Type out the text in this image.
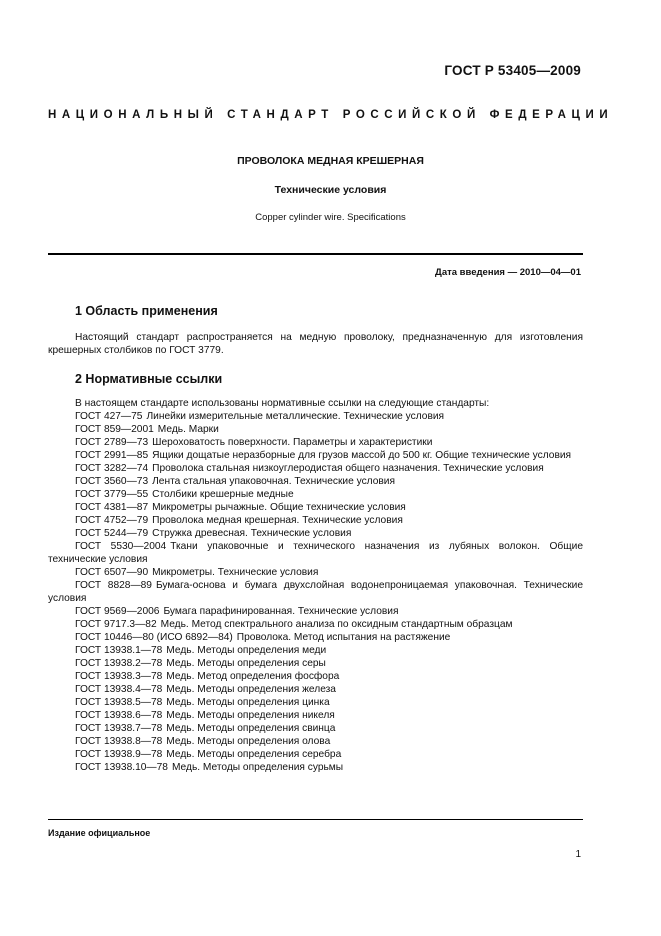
ГОСТ Р 53405—2009
НАЦИОНАЛЬНЫЙ СТАНДАРТ РОССИЙСКОЙ ФЕДЕРАЦИИ
ПРОВОЛОКА МЕДНАЯ КРЕШЕРНАЯ
Технические условия
Copper cylinder wire. Specifications
Дата введения — 2010—04—01
1 Область применения
Настоящий стандарт распространяется на медную проволоку, предназначенную для изготовления крешерных столбиков по ГОСТ 3779.
2 Нормативные ссылки
В настоящем стандарте использованы нормативные ссылки на следующие стандарты:
ГОСТ 427—75 Линейки измерительные металлические. Технические условия
ГОСТ 859—2001 Медь. Марки
ГОСТ 2789—73 Шероховатость поверхности. Параметры и характеристики
ГОСТ 2991—85 Ящики дощатые неразборные для грузов массой до 500 кг. Общие технические условия
ГОСТ 3282—74 Проволока стальная низкоуглеродистая общего назначения. Технические условия
ГОСТ 3560—73 Лента стальная упаковочная. Технические условия
ГОСТ 3779—55 Столбики крешерные медные
ГОСТ 4381—87 Микрометры рычажные. Общие технические условия
ГОСТ 4752—79 Проволока медная крешерная. Технические условия
ГОСТ 5244—79 Стружка древесная. Технические условия
ГОСТ 5530—2004 Ткани упаковочные и технического назначения из лубяных волокон. Общие технические условия
ГОСТ 6507—90 Микрометры. Технические условия
ГОСТ 8828—89 Бумага-основа и бумага двухслойная водонепроницаемая упаковочная. Технические условия
ГОСТ 9569—2006 Бумага парафинированная. Технические условия
ГОСТ 9717.3—82 Медь. Метод спектрального анализа по оксидным стандартным образцам
ГОСТ 10446—80 (ИСО 6892—84) Проволока. Метод испытания на растяжение
ГОСТ 13938.1—78 Медь. Методы определения меди
ГОСТ 13938.2—78 Медь. Методы определения серы
ГОСТ 13938.3—78 Медь. Метод определения фосфора
ГОСТ 13938.4—78 Медь. Методы определения железа
ГОСТ 13938.5—78 Медь. Методы определения цинка
ГОСТ 13938.6—78 Медь. Методы определения никеля
ГОСТ 13938.7—78 Медь. Методы определения свинца
ГОСТ 13938.8—78 Медь. Методы определения олова
ГОСТ 13938.9—78 Медь. Методы определения серебра
ГОСТ 13938.10—78 Медь. Методы определения сурьмы
Издание официальное
1
